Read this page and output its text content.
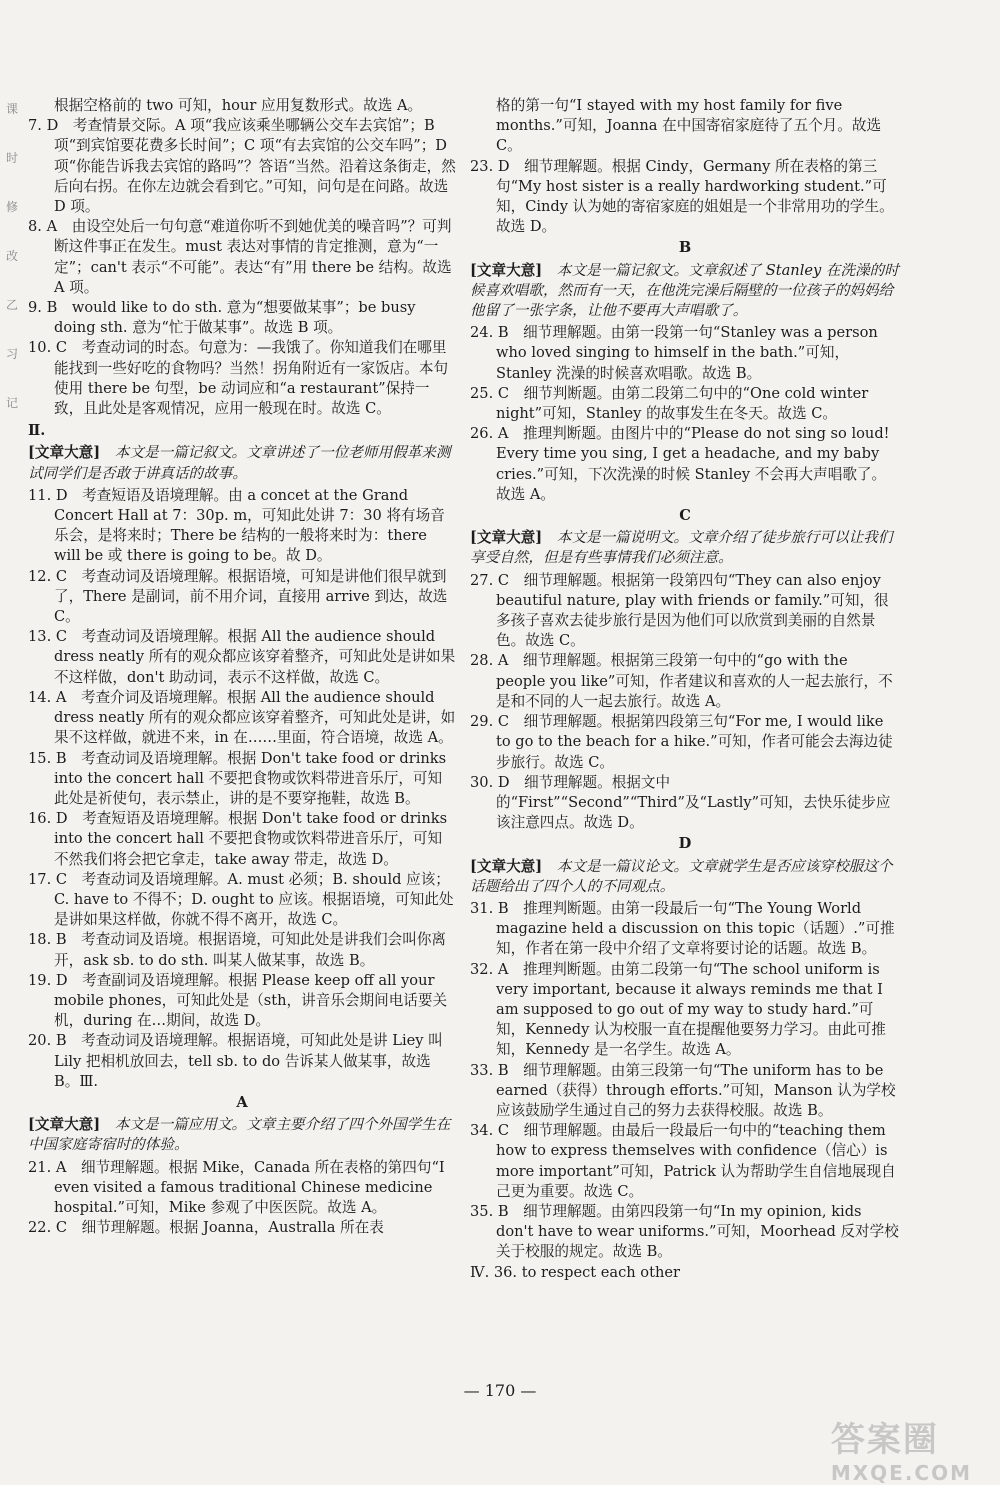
课
时
修
改
乙
习
记
根据空格前的 two 可知，hour 应用复数形式。故选 A。
7. D　考查情景交际。A 项“我应该乘坐哪辆公交车去宾馆”；B 项“到宾馆要花费多长时间”；C 项“有去宾馆的公交车吗”；D 项“你能告诉我去宾馆的路吗”？答语“当然。沿着这条街走，然后向右拐。在你左边就会看到它。”可知，问句是在问路。故选 D 项。
8. A　由设空处后一句句意“难道你听不到她优美的噪音吗”？可判断这件事正在发生。must 表达对事情的肯定推测，意为“一定”；can't 表示“不可能”。表达“有”用 there be 结构。故选 A 项。
9. B　would like to do sth. 意为“想要做某事”；be busy doing sth. 意为“忙于做某事”。故选 B 项。
10. C　考查动词的时态。句意为：—我饿了。你知道我们在哪里能找到一些好吃的食物吗？当然！拐角附近有一家饭店。本句使用 there be 句型，be 动词应和“a restaurant”保持一致，且此处是客观情况，应用一般现在时。故选 C。
Ⅱ.
[文章大意]　本文是一篇记叙文。文章讲述了一位老师用假革来测试同学们是否敢于讲真话的故事。
11. D　考查短语及语境理解。由 a concet at the Grand Concert Hall at 7：30p. m，可知此处讲 7：30 将有场音乐会，是将来时；There be 结构的一般将来时为：there will be 或 there is going to be。故 D。
12. C　考查动词及语境理解。根据语境，可知是讲他们很早就到了，There 是副词，前不用介词，直接用 arrive 到达，故选 C。
13. C　考查动词及语境理解。根据 All the audience should dress neatly 所有的观众都应该穿着整齐，可知此处是讲如果不这样做，don't 助动词，表示不这样做，故选 C。
14. A　考查介词及语境理解。根据 All the audience should dress neatly 所有的观众都应该穿着整齐，可知此处是讲，如果不这样做，就进不来，in 在……里面，符合语境，故选 A。
15. B　考查动词及语境理解。根据 Don't take food or drinks into the concert hall 不要把食物或饮料带进音乐厅，可知此处是祈使句，表示禁止，讲的是不要穿拖鞋，故选 B。
16. D　考查短语及语境理解。根据 Don't take food or drinks into the concert hall 不要把食物或饮料带进音乐厅，可知不然我们将会把它拿走，take away 带走，故选 D。
17. C　考查动词及语境理解。A. must 必须；B. should 应该；C. have to 不得不；D. ought to 应该。根据语境，可知此处是讲如果这样做，你就不得不离开，故选 C。
18. B　考查动词及语境。根据语境，可知此处是讲我们会叫你离开，ask sb. to do sth. 叫某人做某事，故选 B。
19. D　考查副词及语境理解。根据 Please keep off all your mobile phones，可知此处是（sth，讲音乐会期间电话要关机，during 在…期间，故选 D。
20. B　考查动词及语境理解。根据语境，可知此处是讲 Liey 叫 Lily 把相机放回去，tell sb. to do 告诉某人做某事，故选 B。Ⅲ.
A
[文章大意]　本文是一篇应用文。文章主要介绍了四个外国学生在中国家庭寄宿时的体验。
21. A　细节理解题。根据 Mike，Canada 所在表格的第四句“I even visited a famous traditional Chinese medicine hospital.”可知，Mike 参观了中医医院。故选 A。
22. C　细节理解题。根据 Joanna，Australla 所在表
格的第一句“I stayed with my host family for five months.”可知，Joanna 在中国寄宿家庭待了五个月。故选 C。
23. D　细节理解题。根据 Cindy，Germany 所在表格的第三句“My host sister is a really hardworking student.”可知，Cindy 认为她的寄宿家庭的姐姐是一个非常用功的学生。故选 D。
B
[文章大意]　本文是一篇记叙文。文章叙述了 Stanley 在洗澡的时候喜欢唱歌，然而有一天，在他洗完澡后隔壁的一位孩子的妈妈给他留了一张字条，让他不要再大声唱歌了。
24. B　细节理解题。由第一段第一句“Stanley was a person who loved singing to himself in the bath.”可知，Stanley 洗澡的时候喜欢唱歌。故选 B。
25. C　细节判断题。由第二段第二句中的“One cold winter night”可知，Stanley 的故事发生在冬天。故选 C。
26. A　推理判断题。由图片中的“Please do not sing so loud! Every time you sing, I get a headache, and my baby cries.”可知，下次洗澡的时候 Stanley 不会再大声唱歌了。故选 A。
C
[文章大意]　本文是一篇说明文。文章介绍了徒步旅行可以让我们享受自然，但是有些事情我们必须注意。
27. C　细节理解题。根据第一段第四句“They can also enjoy beautiful nature, play with friends or family.”可知，很多孩子喜欢去徒步旅行是因为他们可以欣赏到美丽的自然景色。故选 C。
28. A　细节理解题。根据第三段第一句中的“go with the people you like”可知，作者建议和喜欢的人一起去旅行，不是和不同的人一起去旅行。故选 A。
29. C　细节理解题。根据第四段第三句“For me, I would like to go to the beach for a hike.”可知，作者可能会去海边徒步旅行。故选 C。
30. D　细节理解题。根据文中的“First”“Second”“Third”及“Lastly”可知，去快乐徒步应该注意四点。故选 D。
D
[文章大意]　本文是一篇议论文。文章就学生是否应该穿校服这个话题给出了四个人的不同观点。
31. B　推理判断题。由第一段最后一句“The Young World magazine held a discussion on this topic（话题）.”可推知，作者在第一段中介绍了文章将要讨论的话题。故选 B。
32. A　推理判断题。由第二段第一句“The school uniform is very important, because it always reminds me that I am supposed to go out of my way to study hard.”可知，Kennedy 认为校服一直在提醒他要努力学习。由此可推知，Kennedy 是一名学生。故选 A。
33. B　细节理解题。由第三段第一句“The uniform has to be earned（获得）through efforts.”可知，Manson 认为学校应该鼓励学生通过自己的努力去获得校服。故选 B。
34. C　细节理解题。由最后一段最后一句中的“teaching them how to express themselves with confidence（信心）is more important”可知，Patrick 认为帮助学生自信地展现自己更为重要。故选 C。
35. B　细节理解题。由第四段第一句“In my opinion, kids don't have to wear uniforms.”可知，Moorhead 反对学校关于校服的规定。故选 B。
Ⅳ. 36. to respect each other
— 170 —
答案圈
MXQE.COM
